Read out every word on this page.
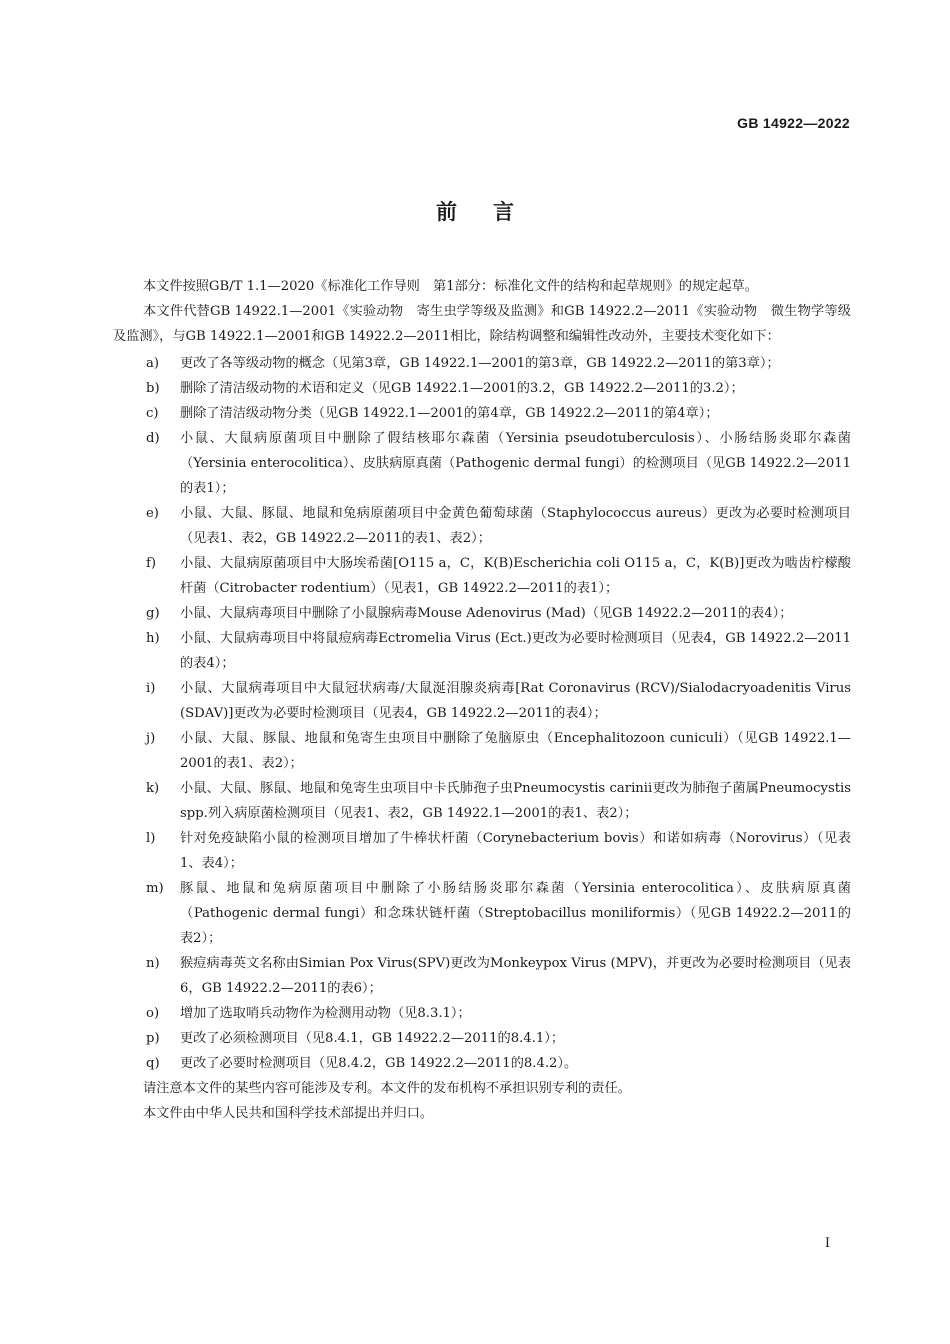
GB 14922—2022
前言

本文件按照GB/T 1.1—2020《标准化工作导则　第1部分：标准化文件的结构和起草规则》的规定起草。

本文件代替GB 14922.1—2001《实验动物　寄生虫学等级及监测》和GB 14922.2—2011《实验动物　微生物学等级及监测》，与GB 14922.1—2001和GB 14922.2—2011相比，除结构调整和编辑性改动外，主要技术变化如下：

a) 更改了各等级动物的概念（见第3章，GB 14922.1—2001的第3章，GB 14922.2—2011的第3章）；
b) 删除了清洁级动物的术语和定义（见GB 14922.1—2001的3.2，GB 14922.2—2011的3.2）；
c) 删除了清洁级动物分类（见GB 14922.1—2001的第4章，GB 14922.2—2011的第4章）；
d) 小鼠、大鼠病原菌项目中删除了假结核耶尔森菌（Yersinia pseudotuberculosis）、小肠结肠炎耶尔森菌（Yersinia enterocolitica）、皮肤病原真菌（Pathogenic dermal fungi）的检测项目（见GB 14922.2—2011的表1）；
e) 小鼠、大鼠、豚鼠、地鼠和兔病原菌项目中金黄色葡萄球菌（Staphylococcus aureus）更改为必要时检测项目（见表1、表2，GB 14922.2—2011的表1、表2）；
f) 小鼠、大鼠病原菌项目中大肠埃希菌[O115 a，C，K(B)Escherichia coli O115 a，C，K(B)]更改为啮齿柠檬酸杆菌（Citrobacter rodentium）（见表1，GB 14922.2—2011的表1）；
g) 小鼠、大鼠病毒项目中删除了小鼠腺病毒Mouse Adenovirus (Mad)（见GB 14922.2—2011的表4）；
h) 小鼠、大鼠病毒项目中将鼠痘病毒Ectromelia Virus (Ect.)更改为必要时检测项目（见表4，GB 14922.2—2011的表4）；
i) 小鼠、大鼠病毒项目中大鼠冠状病毒/大鼠涎泪腺炎病毒[Rat Coronavirus (RCV)/Sialodacryoadenitis Virus (SDAV)]更改为必要时检测项目（见表4，GB 14922.2—2011的表4）；
j) 小鼠、大鼠、豚鼠、地鼠和兔寄生虫项目中删除了兔脑原虫（Encephalitozoon cuniculi）（见GB 14922.1—2001的表1、表2）；
k) 小鼠、大鼠、豚鼠、地鼠和兔寄生虫项目中卡氏肺孢子虫Pneumocystis carinii更改为肺孢子菌属Pneumocystis spp.列入病原菌检测项目（见表1、表2，GB 14922.1—2001的表1、表2）；
l) 针对免疫缺陷小鼠的检测项目增加了牛棒状杆菌（Corynebacterium bovis）和诺如病毒（Norovirus）（见表1、表4）；
m) 豚鼠、地鼠和兔病原菌项目中删除了小肠结肠炎耶尔森菌（Yersinia enterocolitica）、皮肤病原真菌（Pathogenic dermal fungi）和念珠状链杆菌（Streptobacillus moniliformis）（见GB 14922.2—2011的表2）；
n) 猴痘病毒英文名称由Simian Pox Virus(SPV)更改为Monkeypox Virus (MPV)，并更改为必要时检测项目（见表6，GB 14922.2—2011的表6）；
o) 增加了选取哨兵动物作为检测用动物（见8.3.1）；
p) 更改了必须检测项目（见8.4.1，GB 14922.2—2011的8.4.1）；
q) 更改了必要时检测项目（见8.4.2，GB 14922.2—2011的8.4.2）。

请注意本文件的某些内容可能涉及专利。本文件的发布机构不承担识别专利的责任。

本文件由中华人民共和国科学技术部提出并归口。

I
